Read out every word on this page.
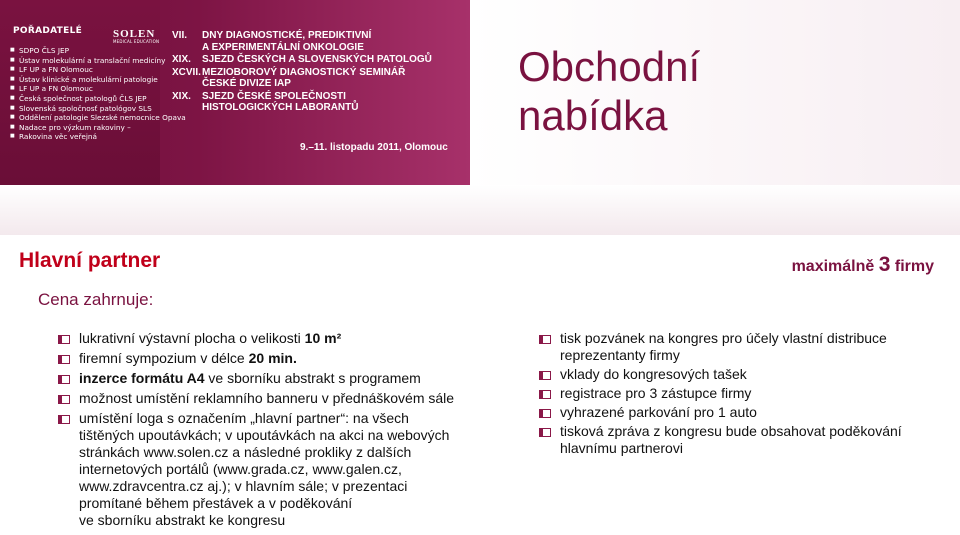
POŘADATELÉ	SOLEN
MEDICAL EDUCATION
■ SDPO ČLS JEP
■ Ústav molekulární a translační medicíny
■ LF UP a FN Olomouc
■ Ústav klinické a molekulární patologie
■ LF UP a FN Olomouc
■ Česká společnost patologů ČLS JEP
■ Slovenská spoločnosť patológov SLS
■ Oddělení patologie Slezské nemocnice Opava
■ Nadace pro výzkum rakoviny –
■ Rakovina věc veřejná
VII. DNY DIAGNOSTICKÉ, PREDIKTIVNÍ
A EXPERIMENTÁLNÍ ONKOLOGIE
XIX. SJEZD ČESKÝCH A SLOVENSKÝCH PATOLOGŮ
XCVII. MEZIOBOROVÝ DIAGNOSTICKÝ SEMINÁŘ
ČESKÉ DIVIZE IAP
XIX. SJEZD ČESKÉ SPOLEČNOSTI
HISTOLOGICKÝCH LABORANTŮ
9.–11. listopadu 2011, Olomouc
Obchodní
nabídka
Hlavní partner	maximálně 3 firmy
Cena zahrnuje:
lukrativní výstavní plocha o velikosti 10 m²
firemní sympozium v délce 20 min.
inzerce formátu A4 ve sborníku abstrakt s programem
možnost umístění reklamního banneru v přednáškovém sále
umístění loga s označením „hlavní partner“: na všech
tištěných upoutávkách; v upoutávkách na akci na webových
stránkách www.solen.cz a následné prokliky z dalších
internetových portálů (www.grada.cz, www.galen.cz,
www.zdravcentra.cz aj.); v hlavním sále; v prezentaci
promítané během přestávek a v poděkování
ve sborníku abstrakt ke kongresu
tisk pozvánek na kongres pro účely vlastní distribuce
reprezentanty firmy
vklady do kongresových tašek
registrace pro 3 zástupce firmy
vyhrazené parkování pro 1 auto
tisková zpráva z kongresu bude obsahovat poděkování
hlavnímu partnerovi
